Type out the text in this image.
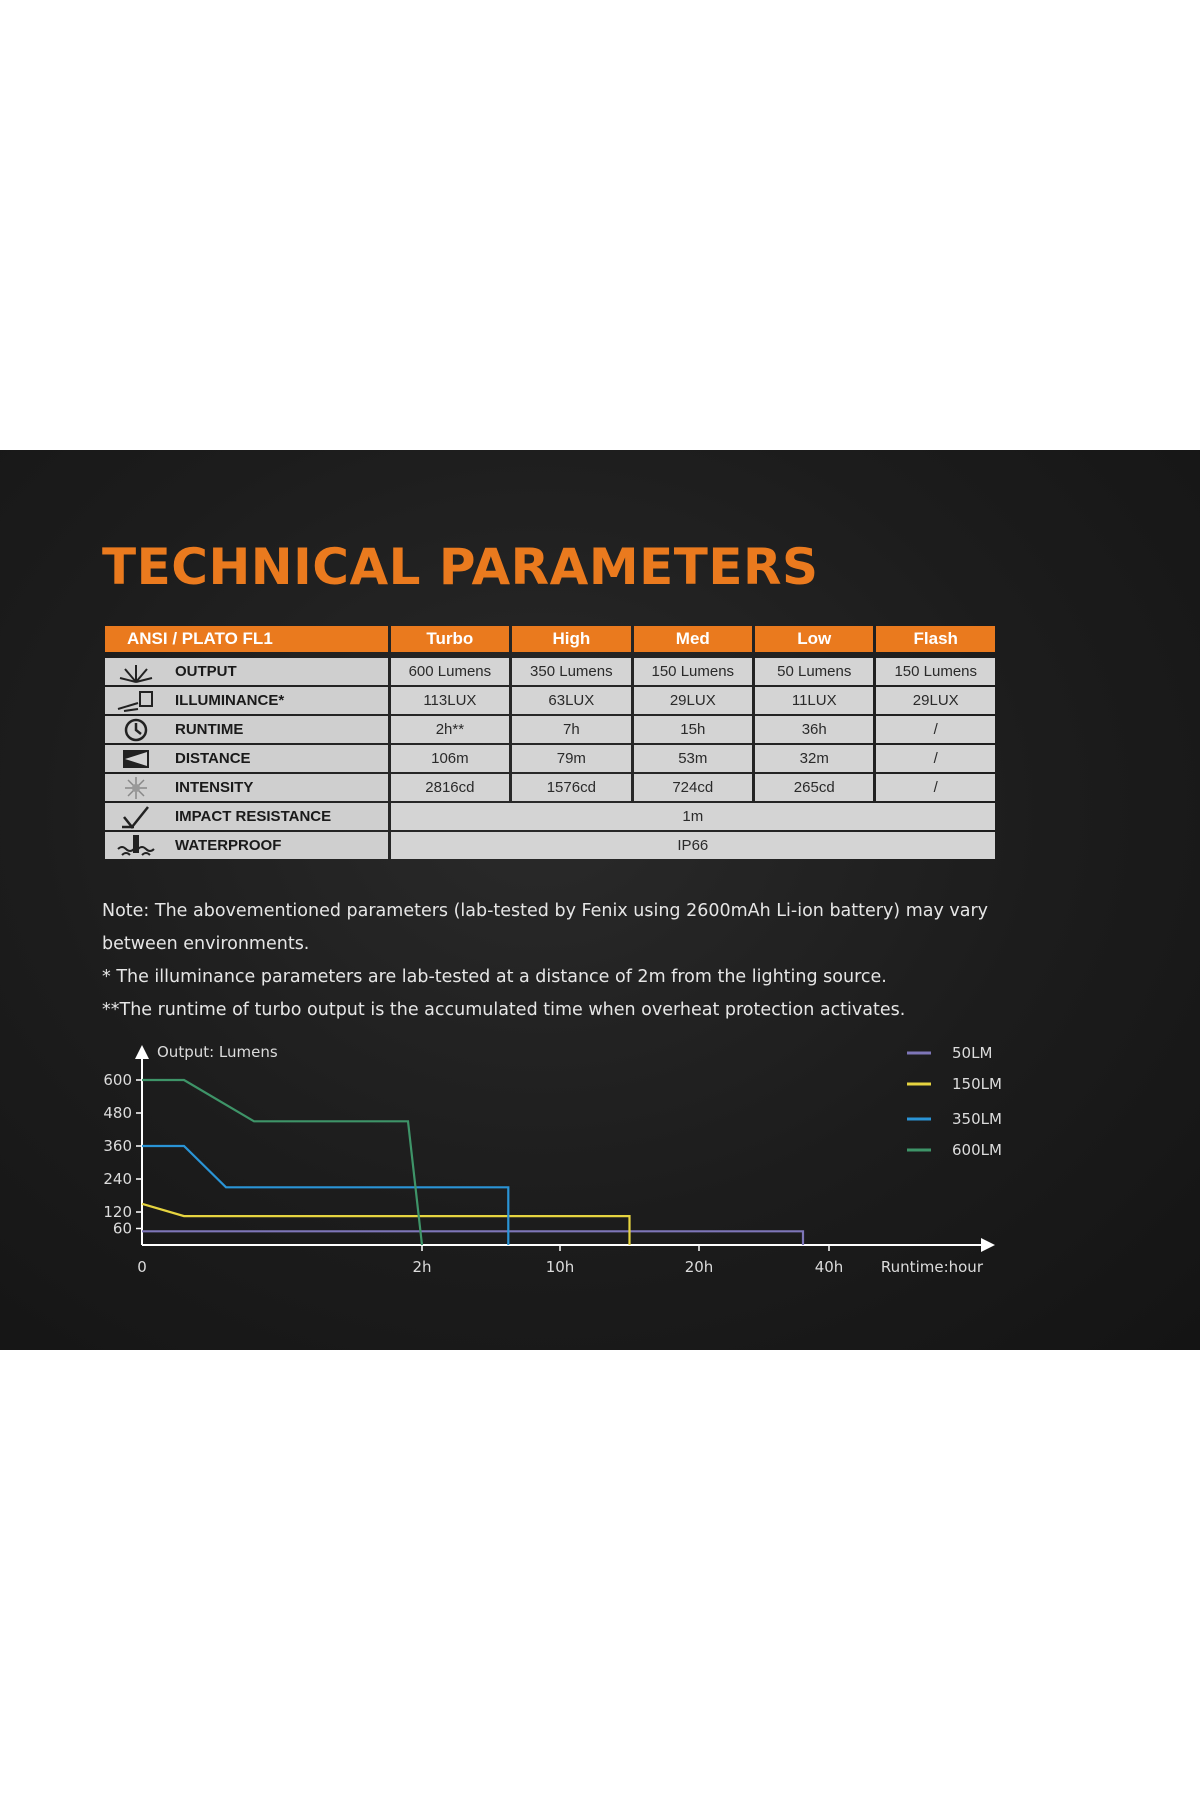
TECHNICAL PARAMETERS
ANSI / PLATO FL1	Turbo	High	Med	Low	Flash

OUTPUT	600 Lumens	350 Lumens	150 Lumens	50 Lumens	150 Lumens

ILLUMINANCE*	113LUX	63LUX	29LUX	11LUX	29LUX

RUNTIME	2h**	7h	15h	36h	/

DISTANCE	106m	79m	53m	32m	/

INTENSITY	2816cd	1576cd	724cd	265cd	/

IMPACT RESISTANCE	1m				

WATERPROOF	IP66				

Note: The abovementioned parameters (lab-tested by Fenix using 2600mAh Li-ion battery) may vary between environments.

* The illuminance parameters are lab-tested at a distance of 2m from the lighting source.

**The runtime of turbo output is the accumulated time when overheat protection activates.

Output: Lumens
Runtime:hour
60
120
240
360
480
600
0	2h	10h	20h	40h
50LM
150LM
350LM
600LM
